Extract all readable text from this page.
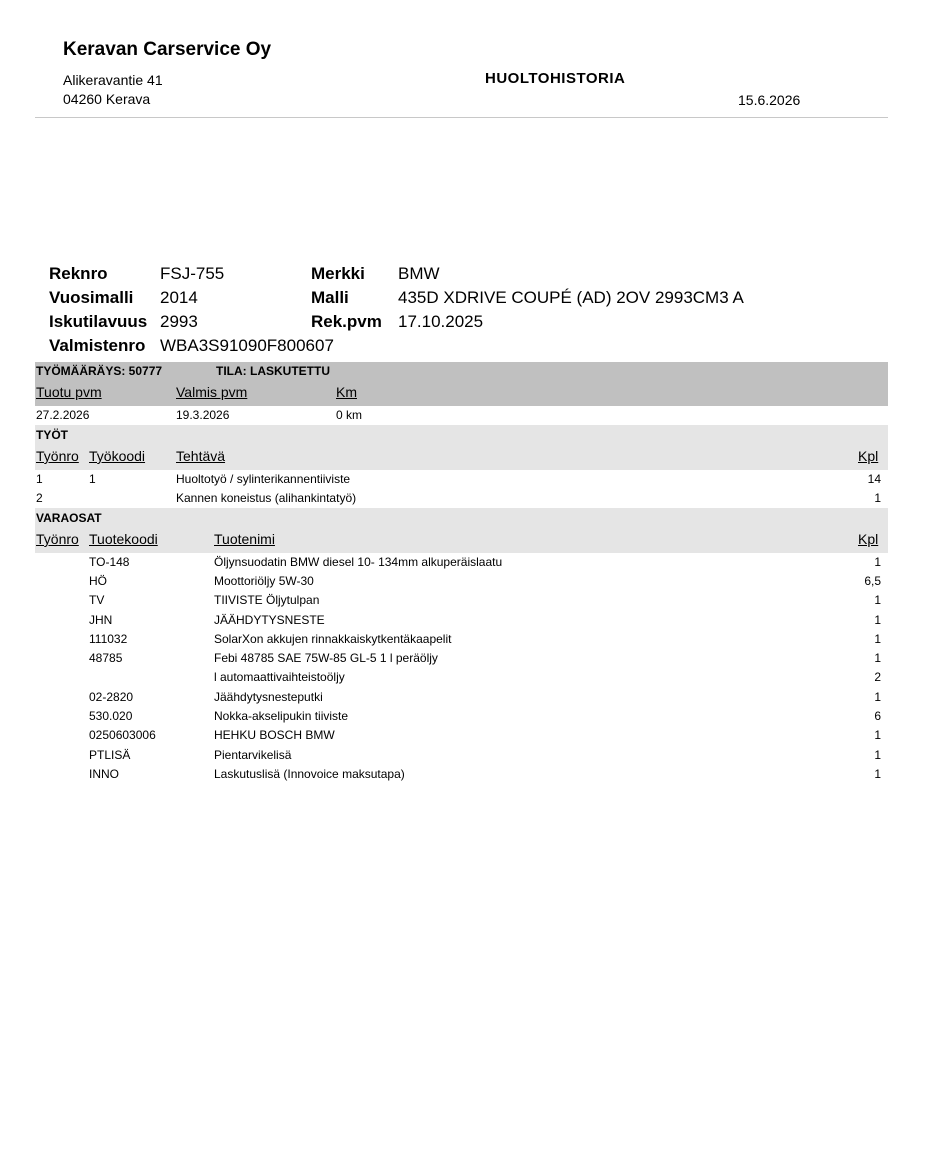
Keravan Carservice Oy
Alikeravantie 41
04260 Kerava
HUOLTOHISTORIA
15.6.2026
Reknro	FSJ-755
Vuosimalli 2014
Iskutilavuus 2993
Valmistenro WBA3S91090F800607
Merkki BMW
Malli	435D XDRIVE COUPÉ (AD) 2OV 2993CM3 A
Rek.pvm 17.10.2025
TYÖMÄÄRÄYS: 50777	TILA: LASKUTETTU
Tuotu pvm	Valmis pvm	Km
27.2.2026	19.3.2026	0 km
TYÖT
Työnro Työkoodi Tehtävä	Kpl
1	1	Huoltotyö / sylinterikannentiiviste	14
2	Kannen koneistus (alihankintatyö)	1
VARAOSAT
Työnro Tuotekoodi	Tuotenimi	Kpl
TO-148	Öljynsuodatin BMW diesel 10- 134mm alkuperäislaatu	1
HÖ	Moottoriöljy 5W-30	6,5
TV	TIIVISTE Öljytulpan	1
JHN	JÄÄHDYTYSNESTE	1
111032	SolarXon akkujen rinnakkaiskytkentäkaapelit	1
48785	Febi 48785 SAE 75W-85 GL-5 1 l peräöljy	1
l automaattivaihteistoöljy	2
02-2820	Jäähdytysnesteputki	1
530.020	Nokka-akselipukin tiiviste	6
0250603006	HEHKU BOSCH BMW	1
PTLISÄ	Pientarvikelisä	1
INNO	Laskutuslisä (Innovoice maksutapa)	1
